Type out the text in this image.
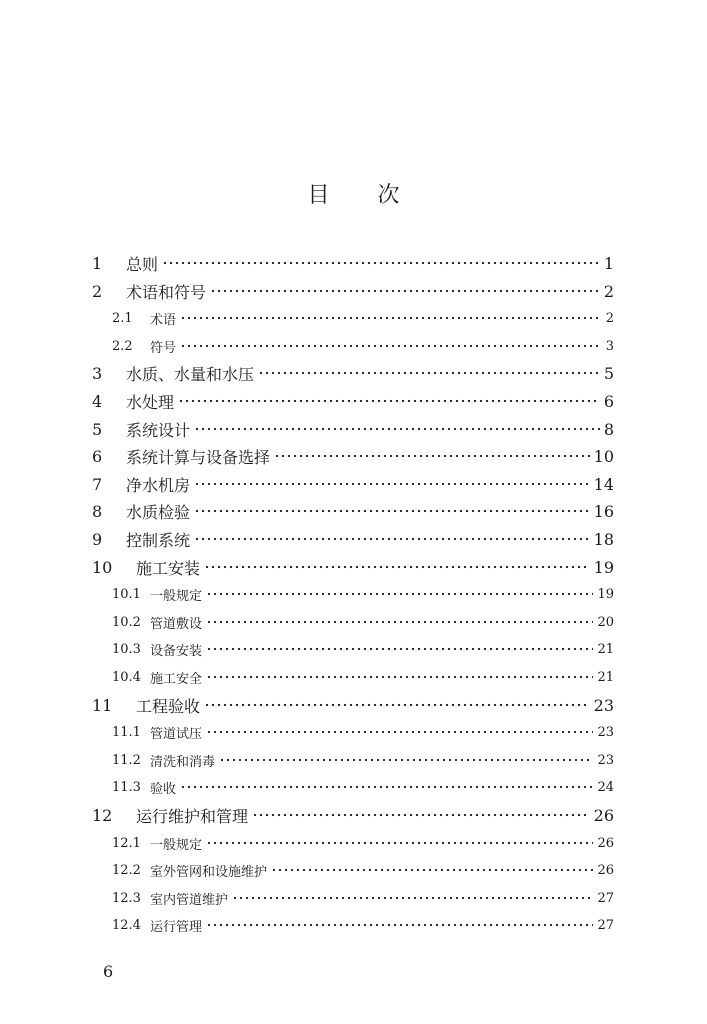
目 次
1	总则	1
2	术语和符号	2
2.1	术语	2
2.2	符号	3
3	水质、水量和水压	5
4	水处理	6
5	系统设计	8
6	系统计算与设备选择	10
7	净水机房	14
8	水质检验	16
9	控制系统	18
10	施工安装	19
10.1 一般规定	19
10.2 管道敷设	20
10.3 设备安装	21
10.4 施工安全	21
11	工程验收	23
11.1 管道试压	23
11.2 清洗和消毒	23
11.3 验收	24
12	运行维护和管理	26
12.1 一般规定	26
12.2 室外管网和设施维护	26
12.3 室内管道维护	27
12.4 运行管理	27
6
